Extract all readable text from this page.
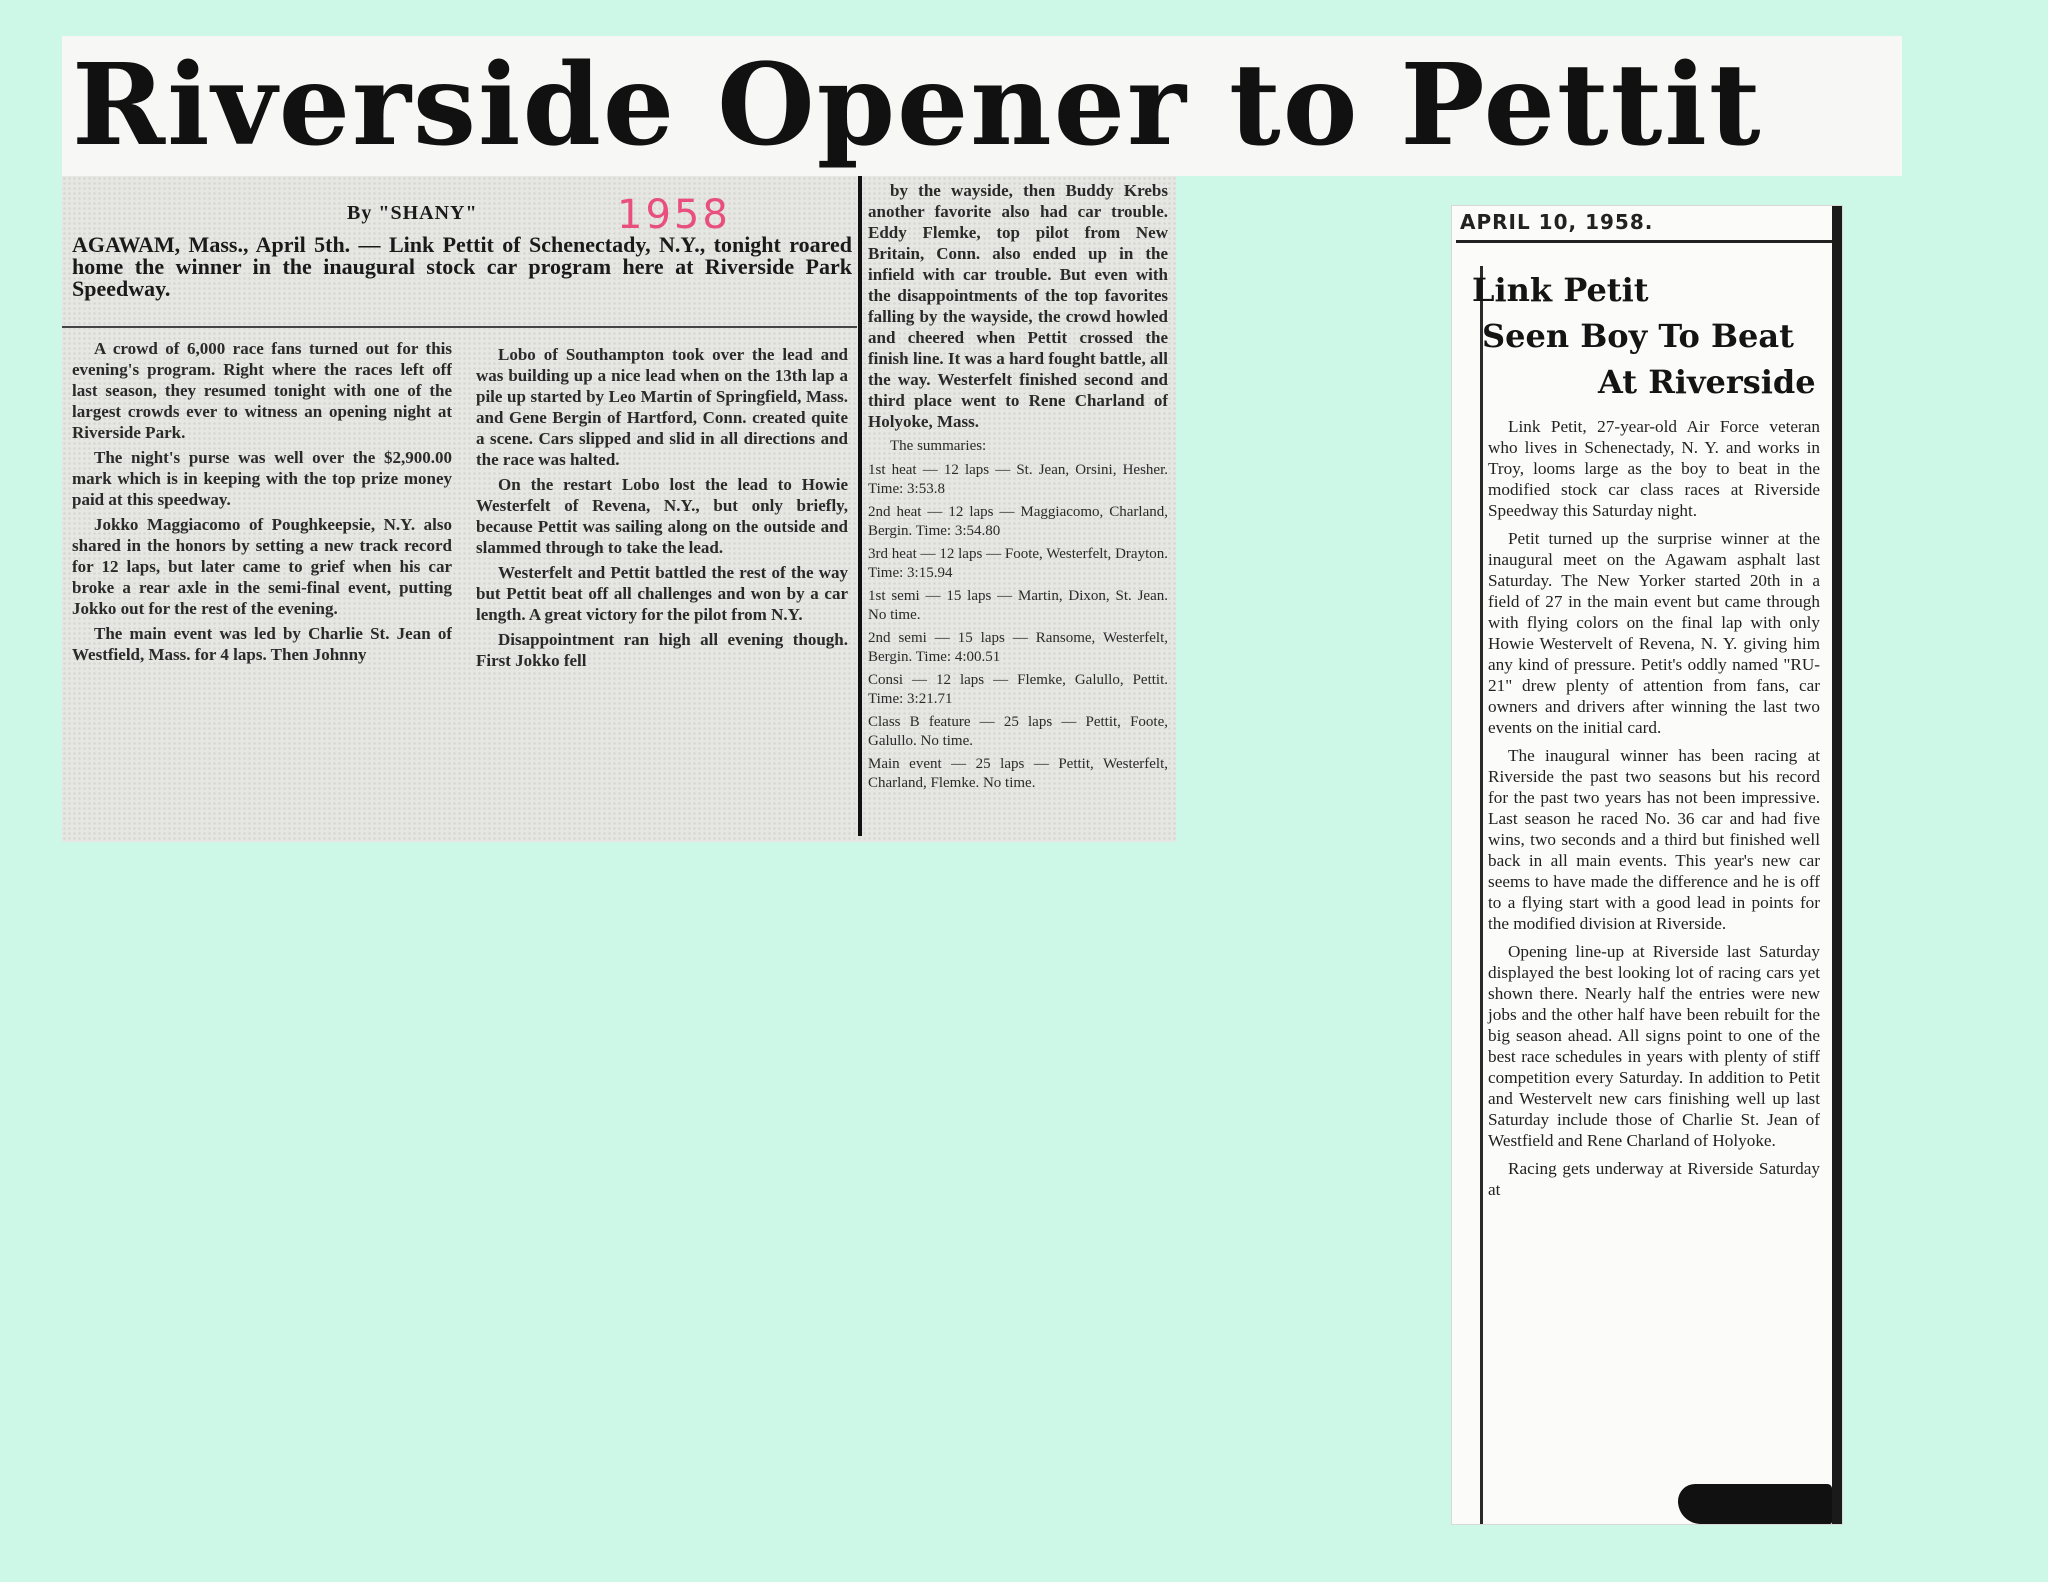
Riverside Opener to Pettit

By "SHANY"	1958

AGAWAM, Mass., April 5th. — Link Pettit of Schenectady, N.Y., tonight roared home the winner in the inaugural stock car program here at Riverside Park Speedway.

A crowd of 6,000 race fans turned out for this evening's program. Right where the races left off last season, they resumed tonight with one of the largest crowds ever to witness an opening night at Riverside Park.

The night's purse was well over the $2,900.00 mark which is in keeping with the top prize money paid at this speedway.

Jokko Maggiacomo of Poughkeepsie, N.Y. also shared in the honors by setting a new track record for 12 laps, but later came to grief when his car broke a rear axle in the semi-final event, putting Jokko out for the rest of the evening.

The main event was led by Charlie St. Jean of Westfield, Mass. for 4 laps. Then Johnny

Lobo of Southampton took over the lead and was building up a nice lead when on the 13th lap a pile up started by Leo Martin of Springfield, Mass. and Gene Bergin of Hartford, Conn. created quite a scene. Cars slipped and slid in all directions and the race was halted.

On the restart Lobo lost the lead to Howie Westerfelt of Revena, N.Y., but only briefly, because Pettit was sailing along on the outside and slammed through to take the lead.

Westerfelt and Pettit battled the rest of the way but Pettit beat off all challenges and won by a car length. A great victory for the pilot from N.Y.

Disappointment ran high all evening though. First Jokko fell

by the wayside, then Buddy Krebs another favorite also had car trouble. Eddy Flemke, top pilot from New Britain, Conn. also ended up in the infield with car trouble. But even with the disappointments of the top favorites falling by the wayside, the crowd howled and cheered when Pettit crossed the finish line. It was a hard fought battle, all the way. Westerfelt finished second and third place went to Rene Charland of Holyoke, Mass.

The summaries:

1st heat — 12 laps — St. Jean, Orsini, Hesher. Time: 3:53.8

2nd heat — 12 laps — Maggiacomo, Charland, Bergin. Time: 3:54.80

3rd heat — 12 laps — Foote, Westerfelt, Drayton. Time: 3:15.94

1st semi — 15 laps — Martin, Dixon, St. Jean. No time.

2nd semi — 15 laps — Ransome, Westerfelt, Bergin. Time: 4:00.51

Consi — 12 laps — Flemke, Galullo, Pettit. Time: 3:21.71

Class B feature — 25 laps — Pettit, Foote, Galullo. No time.

Main event — 25 laps — Pettit, Westerfelt, Charland, Flemke. No time.

APRIL 10, 1958.

Link Petit
Seen Boy To Beat
At Riverside

Link Petit, 27-year-old Air Force veteran who lives in Schenectady, N. Y. and works in Troy, looms large as the boy to beat in the modified stock car class races at Riverside Speedway this Saturday night.

Petit turned up the surprise winner at the inaugural meet on the Agawam asphalt last Saturday. The New Yorker started 20th in a field of 27 in the main event but came through with flying colors on the final lap with only Howie Westervelt of Revena, N. Y. giving him any kind of pressure. Petit's oddly named "RU-21" drew plenty of attention from fans, car owners and drivers after winning the last two events on the initial card.

The inaugural winner has been racing at Riverside the past two seasons but his record for the past two years has not been impressive. Last season he raced No. 36 car and had five wins, two seconds and a third but finished well back in all main events. This year's new car seems to have made the difference and he is off to a flying start with a good lead in points for the modified division at Riverside.

Opening line-up at Riverside last Saturday displayed the best looking lot of racing cars yet shown there. Nearly half the entries were new jobs and the other half have been rebuilt for the big season ahead. All signs point to one of the best race schedules in years with plenty of stiff competition every Saturday. In addition to Petit and Westervelt new cars finishing well up last Saturday include those of Charlie St. Jean of Westfield and Rene Charland of Holyoke.

Racing gets underway at Riverside Saturday at
